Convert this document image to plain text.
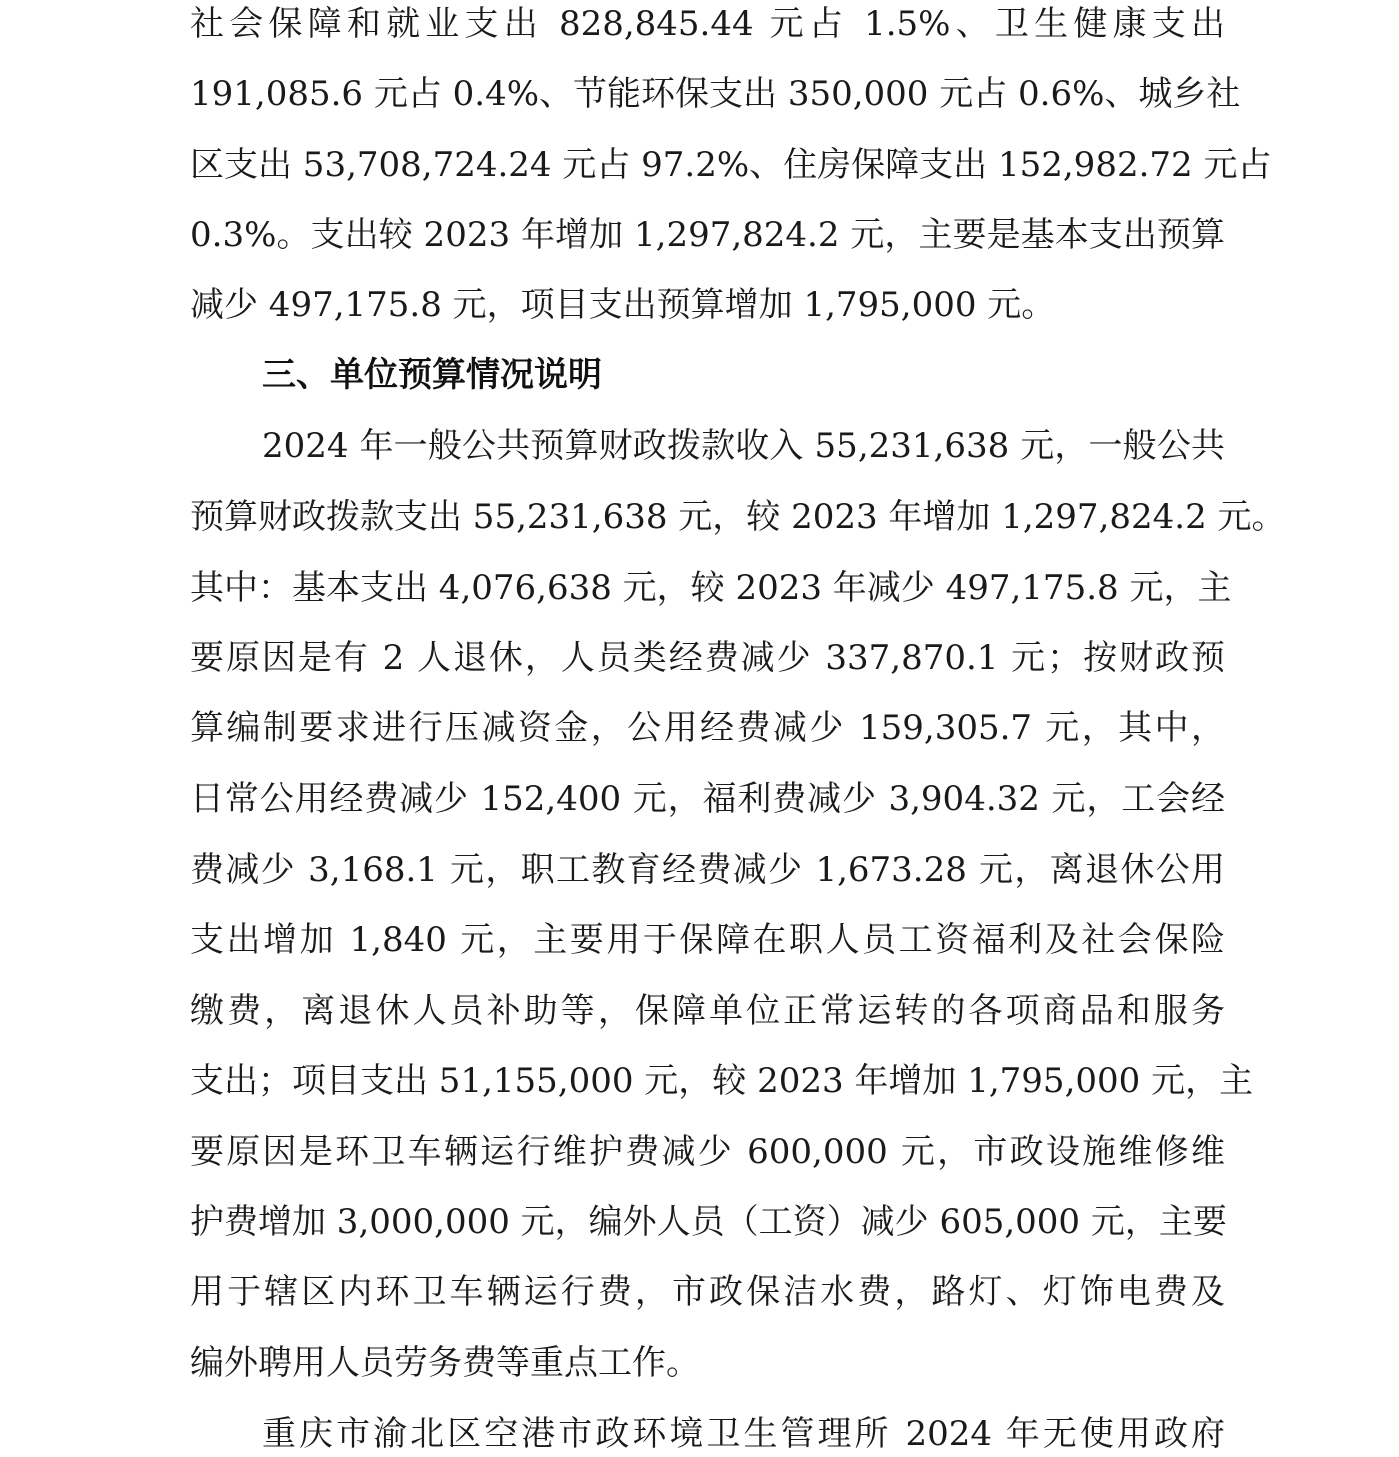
社会保障和就业支出 828,845.44 元占 1.5%、卫生健康支出
191,085.6 元占 0.4%、节能环保支出 350,000 元占 0.6%、城乡社
区支出 53,708,724.24 元占 97.2%、住房保障支出 152,982.72 元占
0.3%。支出较 2023 年增加 1,297,824.2 元，主要是基本支出预算
减少 497,175.8 元，项目支出预算增加 1,795,000 元。
三、单位预算情况说明
2024 年一般公共预算财政拨款收入 55,231,638 元，一般公共
预算财政拨款支出 55,231,638 元，较 2023 年增加 1,297,824.2 元。
其中：基本支出 4,076,638 元，较 2023 年减少 497,175.8 元，主
要原因是有 2 人退休，人员类经费减少 337,870.1 元；按财政预
算编制要求进行压减资金，公用经费减少 159,305.7 元，其中，
日常公用经费减少 152,400 元，福利费减少 3,904.32 元，工会经
费减少 3,168.1 元，职工教育经费减少 1,673.28 元，离退休公用
支出增加 1,840 元，主要用于保障在职人员工资福利及社会保险
缴费，离退休人员补助等，保障单位正常运转的各项商品和服务
支出；项目支出 51,155,000 元，较 2023 年增加 1,795,000 元，主
要原因是环卫车辆运行维护费减少 600,000 元，市政设施维修维
护费增加 3,000,000 元，编外人员（工资）减少 605,000 元，主要
用于辖区内环卫车辆运行费，市政保洁水费，路灯、灯饰电费及
编外聘用人员劳务费等重点工作。
重庆市渝北区空港市政环境卫生管理所 2024 年无使用政府
